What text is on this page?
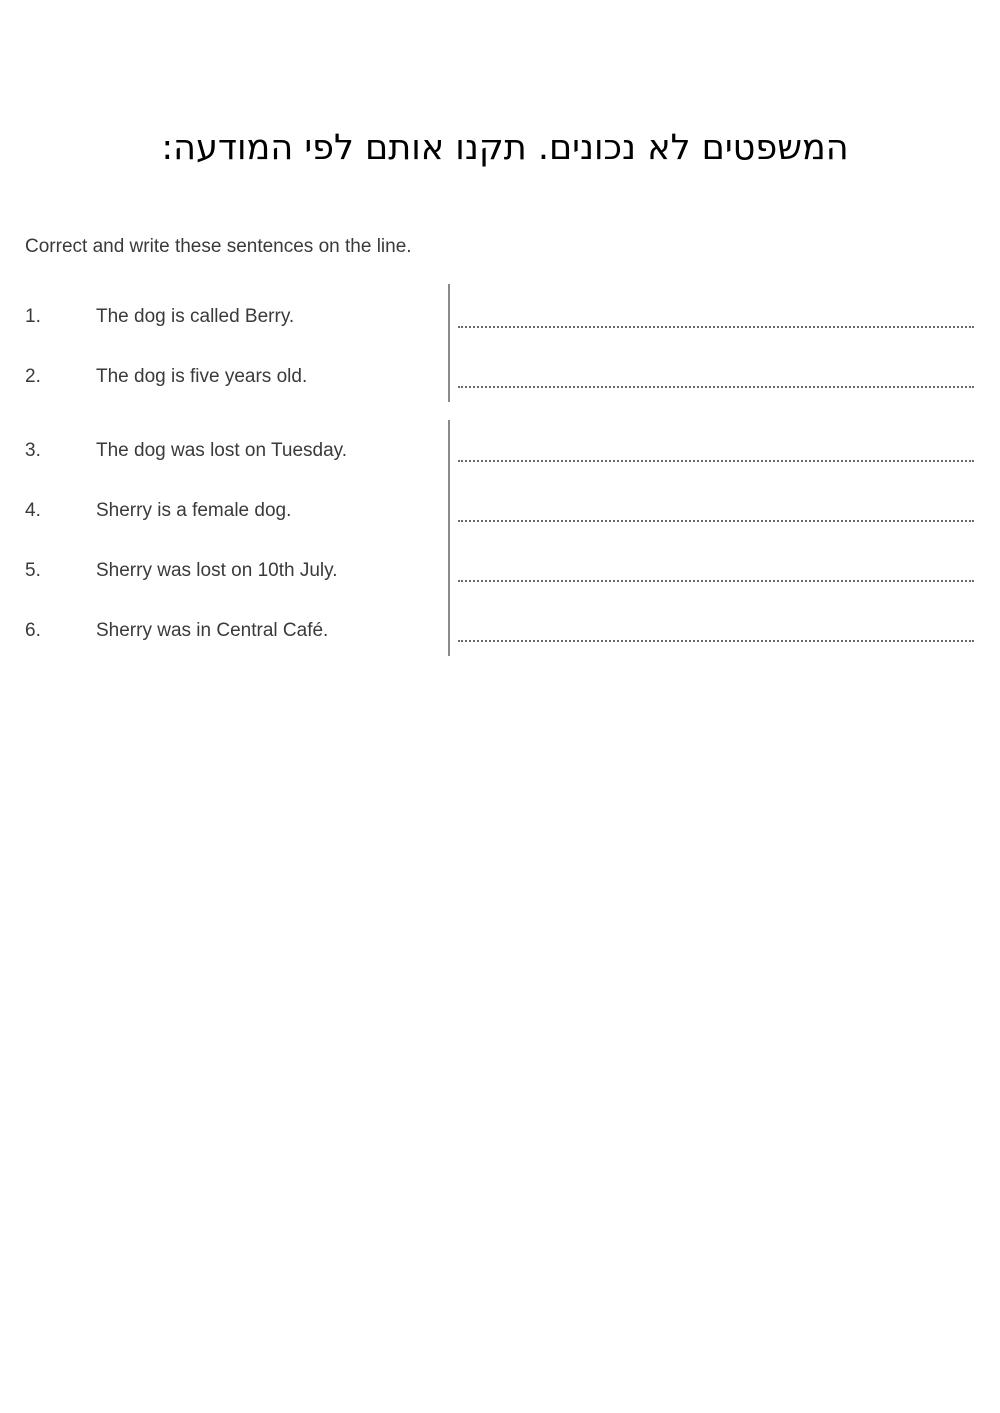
המשפטים לא נכונים. תקנו אותם לפי המודעה:
Correct and write these sentences on the line.
1.	The dog is called Berry.
2.	The dog is five years old.
3.	The dog was lost on Tuesday.
4.	Sherry is a female dog.
5.	Sherry was lost on 10th July.
6.	Sherry was in Central Café.
